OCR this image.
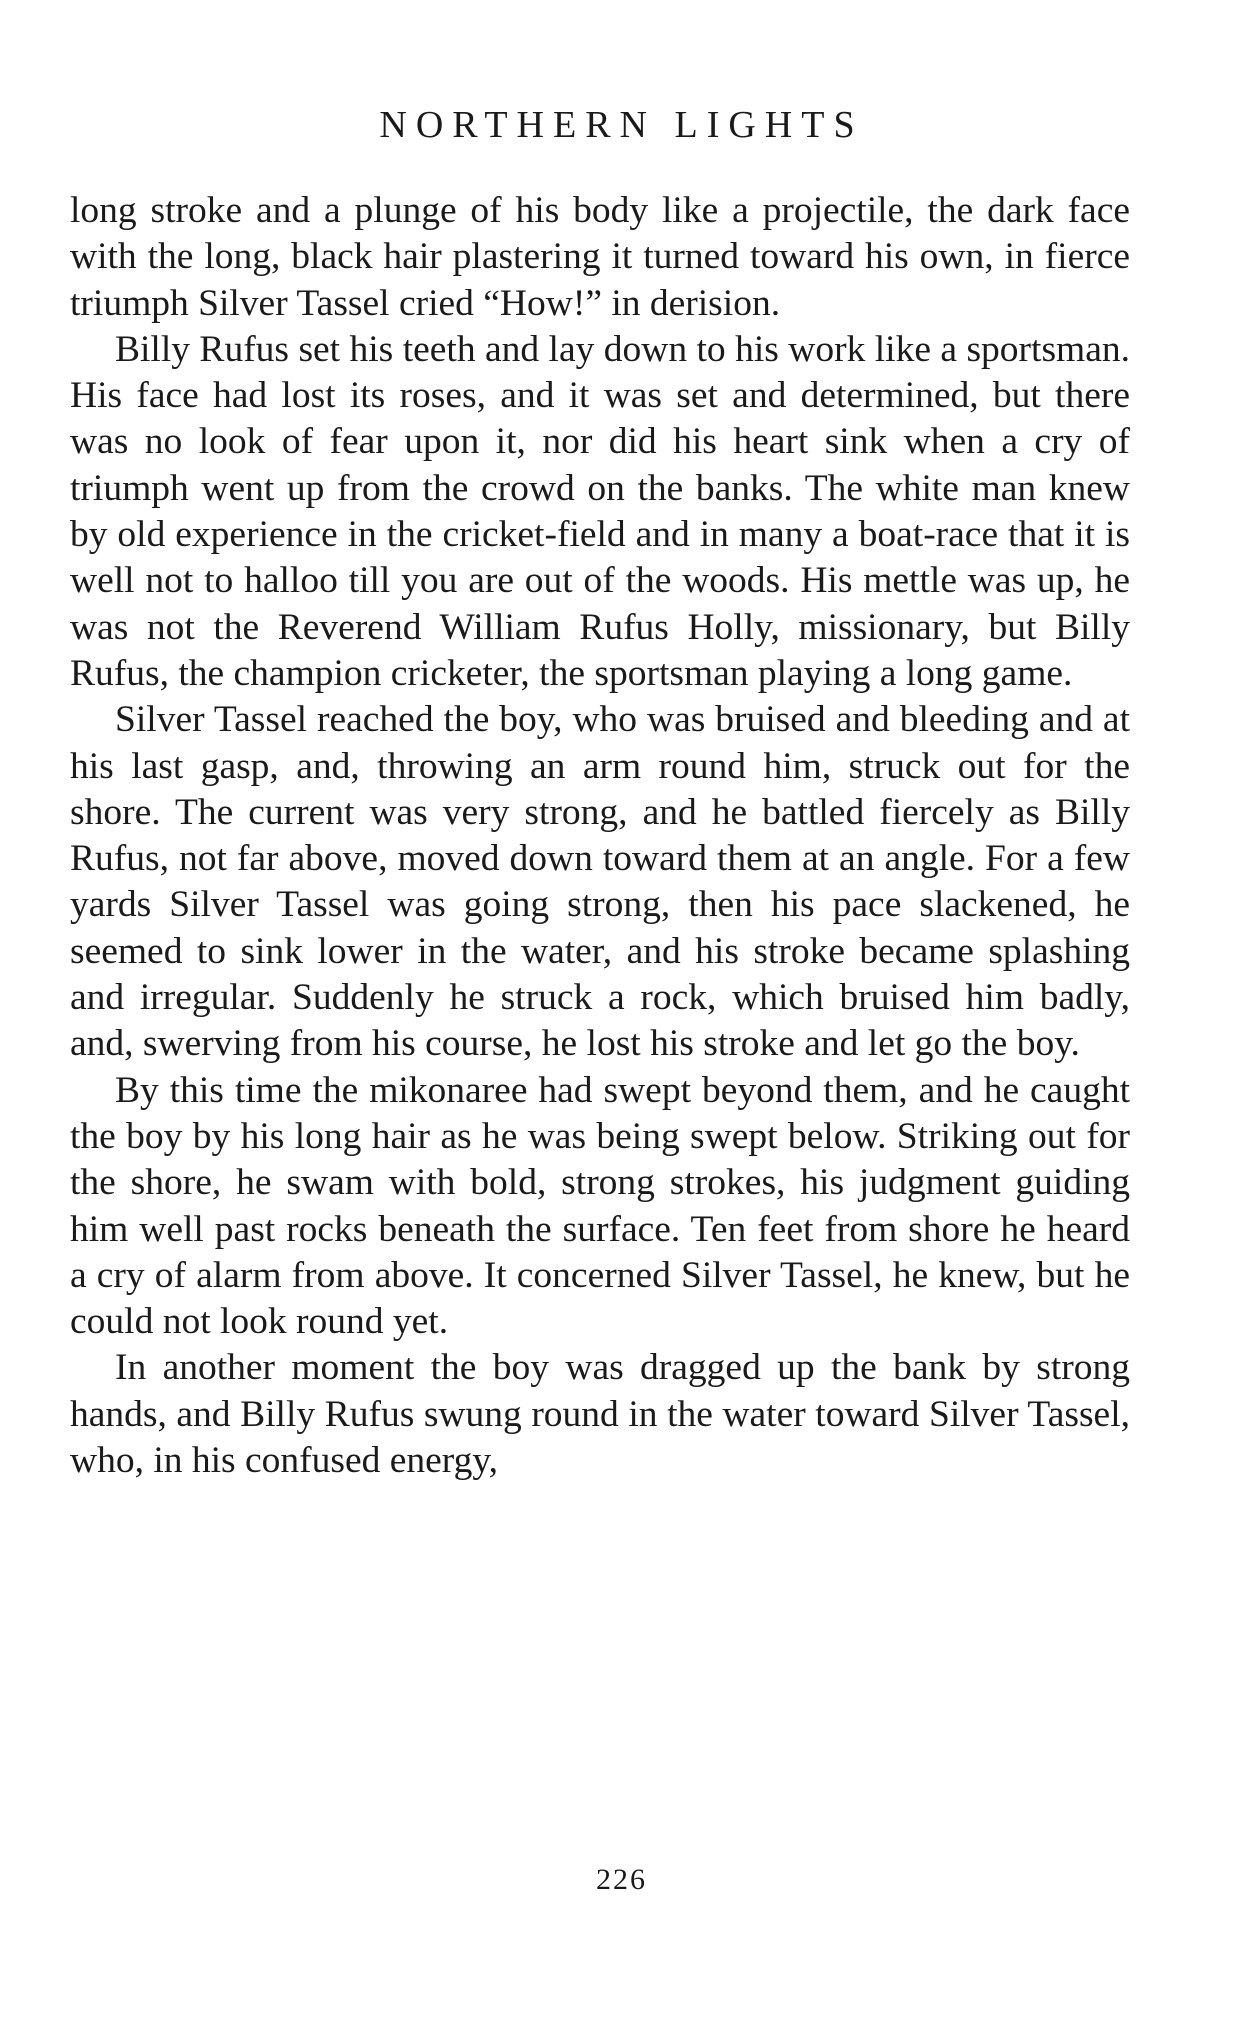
NORTHERN LIGHTS

long stroke and a plunge of his body like a projectile, the dark face with the long, black hair plastering it turned toward his own, in fierce triumph Silver Tassel cried “How!” in derision.

Billy Rufus set his teeth and lay down to his work like a sportsman. His face had lost its roses, and it was set and determined, but there was no look of fear upon it, nor did his heart sink when a cry of triumph went up from the crowd on the banks. The white man knew by old experience in the cricket-field and in many a boat-race that it is well not to halloo till you are out of the woods. His mettle was up, he was not the Reverend William Rufus Holly, missionary, but Billy Rufus, the champion cricketer, the sportsman playing a long game.

Silver Tassel reached the boy, who was bruised and bleeding and at his last gasp, and, throwing an arm round him, struck out for the shore. The current was very strong, and he battled fiercely as Billy Rufus, not far above, moved down toward them at an angle. For a few yards Silver Tassel was going strong, then his pace slackened, he seemed to sink lower in the water, and his stroke became splashing and irregular. Suddenly he struck a rock, which bruised him badly, and, swerving from his course, he lost his stroke and let go the boy.

By this time the mikonaree had swept beyond them, and he caught the boy by his long hair as he was being swept below. Striking out for the shore, he swam with bold, strong strokes, his judgment guiding him well past rocks beneath the surface. Ten feet from shore he heard a cry of alarm from above. It concerned Silver Tassel, he knew, but he could not look round yet.

In another moment the boy was dragged up the bank by strong hands, and Billy Rufus swung round in the water toward Silver Tassel, who, in his confused energy,

226
